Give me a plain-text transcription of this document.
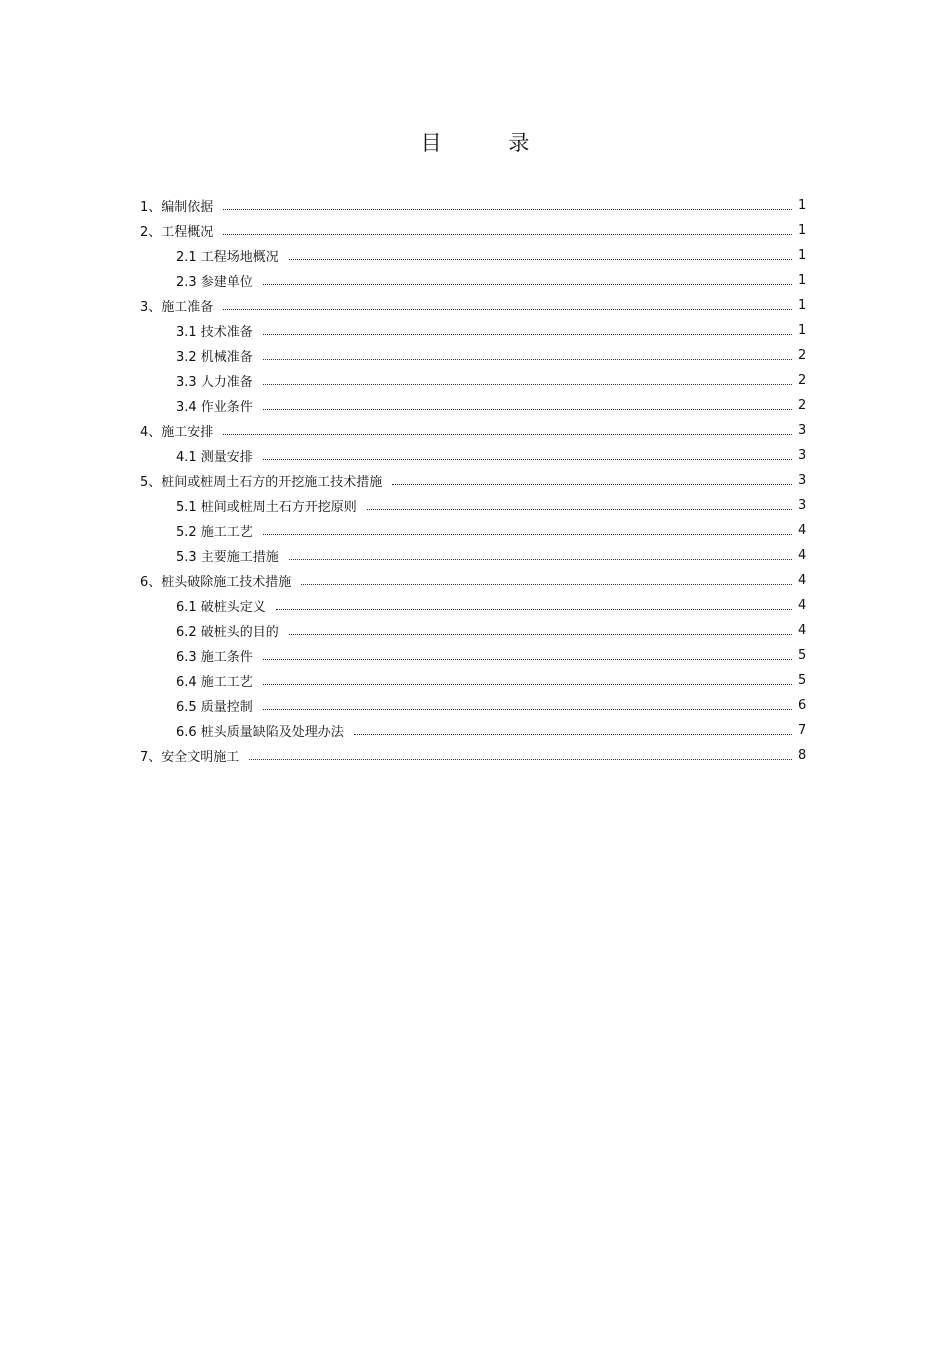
目 录
1、编制依据	1
2、工程概况	1
2.1 工程场地概况	1
2.3 参建单位	1
3、施工准备	1
3.1 技术准备	1
3.2 机械准备	2
3.3 人力准备	2
3.4 作业条件	2
4、施工安排	3
4.1 测量安排	3
5、桩间或桩周土石方的开挖施工技术措施	3
5.1 桩间或桩周土石方开挖原则	3
5.2 施工工艺	4
5.3 主要施工措施	4
6、桩头破除施工技术措施	4
6.1 破桩头定义	4
6.2 破桩头的目的	4
6.3 施工条件	5
6.4 施工工艺	5
6.5 质量控制	6
6.6 桩头质量缺陷及处理办法	7
7、安全文明施工	8
